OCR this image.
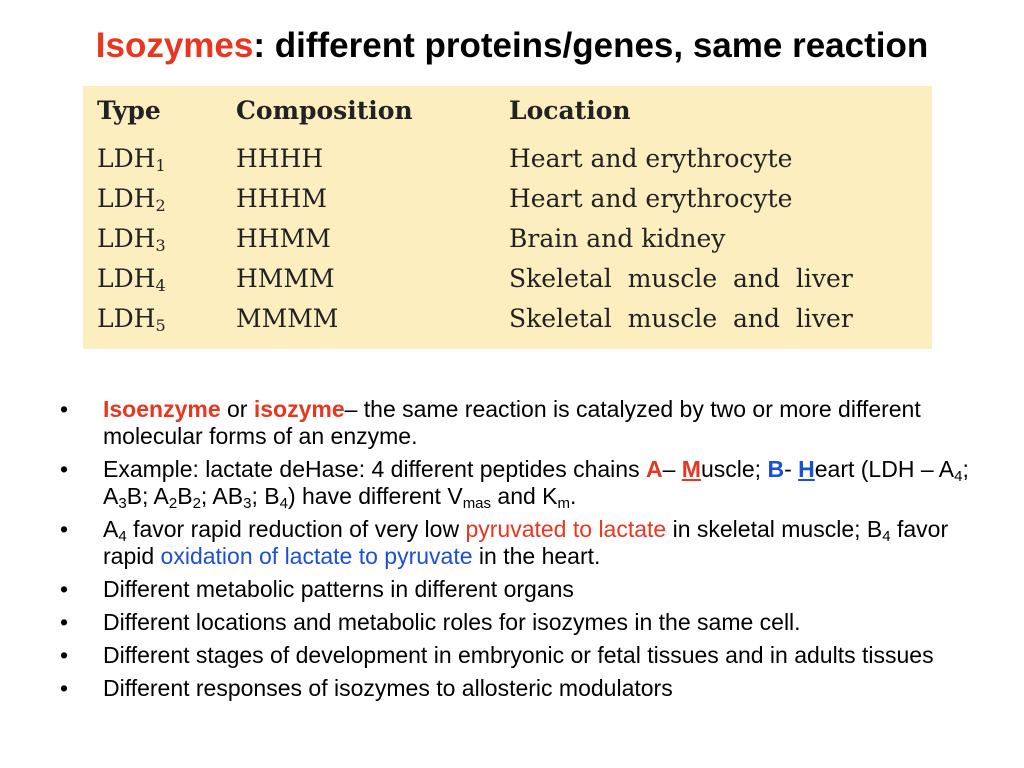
Isozymes: different proteins/genes, same reaction
Type	Composition	Location
$LDH_1$	HHHH	Heart and erythrocyte
$LDH_2$	HHHM	Heart and erythrocyte
$LDH_3$	HHMM	Brain and kidney
$LDH_4$	HMMM	Skeletal  muscle  and  liver
$LDH_5$	MMMM	Skeletal  muscle  and  liver
• Isoenzyme or isozyme– the same reaction is catalyzed by two or more different molecular forms of an enzyme.
• Example: lactate deHase: 4 different peptides chains A– Muscle; B- Heart ($LDH - A_4$; $A_3B$; $A_2B_2$; $AB_3$; $B_4$) have different $V_{mas}$ and $K_m$.
• $A_4$ favor rapid reduction of very low pyruvated to lactate in skeletal muscle; $B_4$ favor rapid oxidation of lactate to pyruvate in the heart.
• Different metabolic patterns in different organs
• Different locations and metabolic roles for isozymes in the same cell.
• Different stages of development in embryonic or fetal tissues and in adults tissues
• Different responses of isozymes to allosteric modulators
